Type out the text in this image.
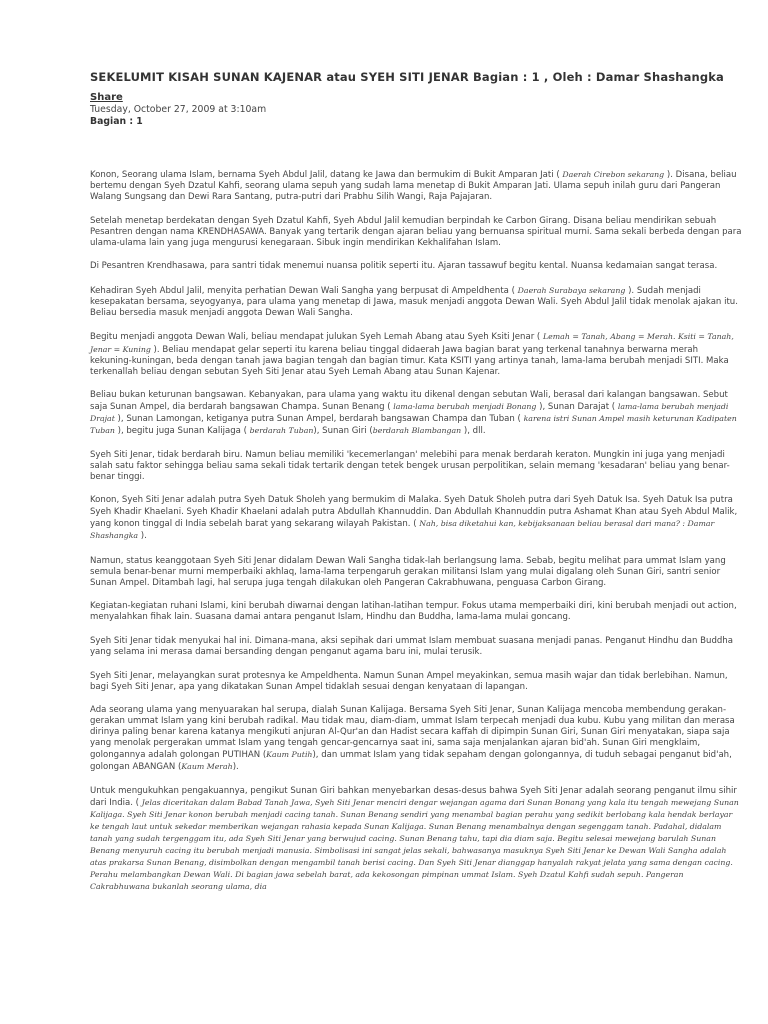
SEKELUMIT KISAH SUNAN KAJENAR atau SYEH SITI JENAR Bagian : 1 , Oleh : Damar Shashangka
Share
Tuesday, October 27, 2009 at 3:10am
Bagian : 1

Konon, Seorang ulama Islam, bernama Syeh Abdul Jalil, datang ke Jawa dan bermukim di Bukit Amparan Jati ( Daerah Cirebon sekarang ). Disana, beliau bertemu dengan Syeh Dzatul Kahfi, seorang ulama sepuh yang sudah lama menetap di Bukit Amparan Jati. Ulama sepuh inilah guru dari Pangeran Walang Sungsang dan Dewi Rara Santang, putra-putri dari Prabhu Silih Wangi, Raja Pajajaran.

Setelah menetap berdekatan dengan Syeh Dzatul Kahfi, Syeh Abdul Jalil kemudian berpindah ke Carbon Girang. Disana beliau mendirikan sebuah Pesantren dengan nama KRENDHASAWA. Banyak yang tertarik dengan ajaran beliau yang bernuansa spiritual murni. Sama sekali berbeda dengan para ulama-ulama lain yang juga mengurusi kenegaraan. Sibuk ingin mendirikan Kekhalifahan Islam.

Di Pesantren Krendhasawa, para santri tidak menemui nuansa politik seperti itu. Ajaran tassawuf begitu kental. Nuansa kedamaian sangat terasa.

Kehadiran Syeh Abdul Jalil, menyita perhatian Dewan Wali Sangha yang berpusat di Ampeldhenta ( Daerah Surabaya sekarang ). Sudah menjadi kesepakatan bersama, seyogyanya, para ulama yang menetap di Jawa, masuk menjadi anggota Dewan Wali. Syeh Abdul Jalil tidak menolak ajakan itu. Beliau bersedia masuk menjadi anggota Dewan Wali Sangha.

Begitu menjadi anggota Dewan Wali, beliau mendapat julukan Syeh Lemah Abang atau Syeh Ksiti Jenar ( Lemah = Tanah, Abang = Merah. Ksiti = Tanah, Jenar = Kuning ). Beliau mendapat gelar seperti itu karena beliau tinggal didaerah Jawa bagian barat yang terkenal tanahnya berwarna merah kekuning-kuningan, beda dengan tanah jawa bagian tengah dan bagian timur. Kata KSITI yang artinya tanah, lama-lama berubah menjadi SITI. Maka terkenallah beliau dengan sebutan Syeh Siti Jenar atau Syeh Lemah Abang atau Sunan Kajenar.

Beliau bukan keturunan bangsawan. Kebanyakan, para ulama yang waktu itu dikenal dengan sebutan Wali, berasal dari kalangan bangsawan. Sebut saja Sunan Ampel, dia berdarah bangsawan Champa. Sunan Benang ( lama-lama berubah menjadi Bonang ), Sunan Darajat ( lama-lama berubah menjadi Drajat ), Sunan Lamongan, ketiganya putra Sunan Ampel, berdarah bangsawan Champa dan Tuban ( karena istri Sunan Ampel masih keturunan Kadipaten Tuban ), begitu juga Sunan Kalijaga ( berdarah Tuban), Sunan Giri (berdarah Blambangan ), dll.

Syeh Siti Jenar, tidak berdarah biru. Namun beliau memiliki 'kecemerlangan' melebihi para menak berdarah keraton. Mungkin ini juga yang menjadi salah satu faktor sehingga beliau sama sekali tidak tertarik dengan tetek bengek urusan perpolitikan, selain memang 'kesadaran' beliau yang benar-benar tinggi.

Konon, Syeh Siti Jenar adalah putra Syeh Datuk Sholeh yang bermukim di Malaka. Syeh Datuk Sholeh putra dari Syeh Datuk Isa. Syeh Datuk Isa putra Syeh Khadir Khaelani. Syeh Khadir Khaelani adalah putra Abdullah Khannuddin. Dan Abdullah Khannuddin putra Ashamat Khan atau Syeh Abdul Malik, yang konon tinggal di India sebelah barat yang sekarang wilayah Pakistan. ( Nah, bisa diketahui kan, kebijaksanaan beliau berasal dari mana? : Damar Shashangka ).

Namun, status keanggotaan Syeh Siti Jenar didalam Dewan Wali Sangha tidak-lah berlangsung lama. Sebab, begitu melihat para ummat Islam yang semula benar-benar murni memperbaiki akhlaq, lama-lama terpengaruh gerakan militansi Islam yang mulai digalang oleh Sunan Giri, santri senior Sunan Ampel. Ditambah lagi, hal serupa juga tengah dilakukan oleh Pangeran Cakrabhuwana, penguasa Carbon Girang.

Kegiatan-kegiatan ruhani Islami, kini berubah diwarnai dengan latihan-latihan tempur. Fokus utama memperbaiki diri, kini berubah menjadi out action, menyalahkan fihak lain. Suasana damai antara penganut Islam, Hindhu dan Buddha, lama-lama mulai goncang.

Syeh Siti Jenar tidak menyukai hal ini. Dimana-mana, aksi sepihak dari ummat Islam membuat suasana menjadi panas. Penganut Hindhu dan Buddha yang selama ini merasa damai bersanding dengan penganut agama baru ini, mulai terusik.

Syeh Siti Jenar, melayangkan surat protesnya ke Ampeldhenta. Namun Sunan Ampel meyakinkan, semua masih wajar dan tidak berlebihan. Namun, bagi Syeh Siti Jenar, apa yang dikatakan Sunan Ampel tidaklah sesuai dengan kenyataan di lapangan.

Ada seorang ulama yang menyuarakan hal serupa, dialah Sunan Kalijaga. Bersama Syeh Siti Jenar, Sunan Kalijaga mencoba membendung gerakan-gerakan ummat Islam yang kini berubah radikal. Mau tidak mau, diam-diam, ummat Islam terpecah menjadi dua kubu. Kubu yang militan dan merasa dirinya paling benar karena katanya mengikuti anjuran Al-Qur'an dan Hadist secara kaffah di dipimpin Sunan Giri, Sunan Giri menyatakan, siapa saja yang menolak pergerakan ummat Islam yang tengah gencar-gencarnya saat ini, sama saja menjalankan ajaran bid'ah. Sunan Giri mengklaim, golongannya adalah golongan PUTIHAN (Kaum Putih), dan ummat Islam yang tidak sepaham dengan golongannya, di tuduh sebagai penganut bid'ah, golongan ABANGAN (Kaum Merah).

Untuk mengukuhkan pengakuannya, pengikut Sunan Giri bahkan menyebarkan desas-desus bahwa Syeh Siti Jenar adalah seorang penganut ilmu sihir dari India. ( Jelas diceritakan dalam Babad Tanah Jawa, Syeh Siti Jenar menciri dengar wejangan agama dari Sunan Bonang yang kala itu tengah mewejang Sunan Kalijaga. Syeh Siti Jenar konon berubah menjadi cacing tanah. Sunan Benang sendiri yang menambal bagian perahu yang sedikit berlobang kala hendak berlayar ke tengah laut untuk sekedar memberikan wejangan rahasia kepada Sunan Kalijaga. Sunan Benang menambalnya dengan segenggam tanah. Padahal, didalam tanah yang sudah tergenggam itu, ada Syeh Siti Jenar yang berwujud cacing. Sunan Benang tahu, tapi dia diam saja. Begitu selesai mewejang barulah Sunan Benang menyuruh cacing itu berubah menjadi manusia. Simbolisasi ini sangat jelas sekali, bahwasanya masuknya Syeh Siti Jenar ke Dewan Wali Sangha adalah atas prakarsa Sunan Benang, disimbolkan dengan mengambil tanah berisi cacing. Dan Syeh Siti Jenar dianggap hanyalah rakyat jelata yang sama dengan cacing. Perahu melambangkan Dewan Wali. Di bagian jawa sebelah barat, ada kekosongan pimpinan ummat Islam. Syeh Dzatul Kahfi sudah sepuh. Pangeran Cakrabhuwana bukanlah seorang ulama, dia
